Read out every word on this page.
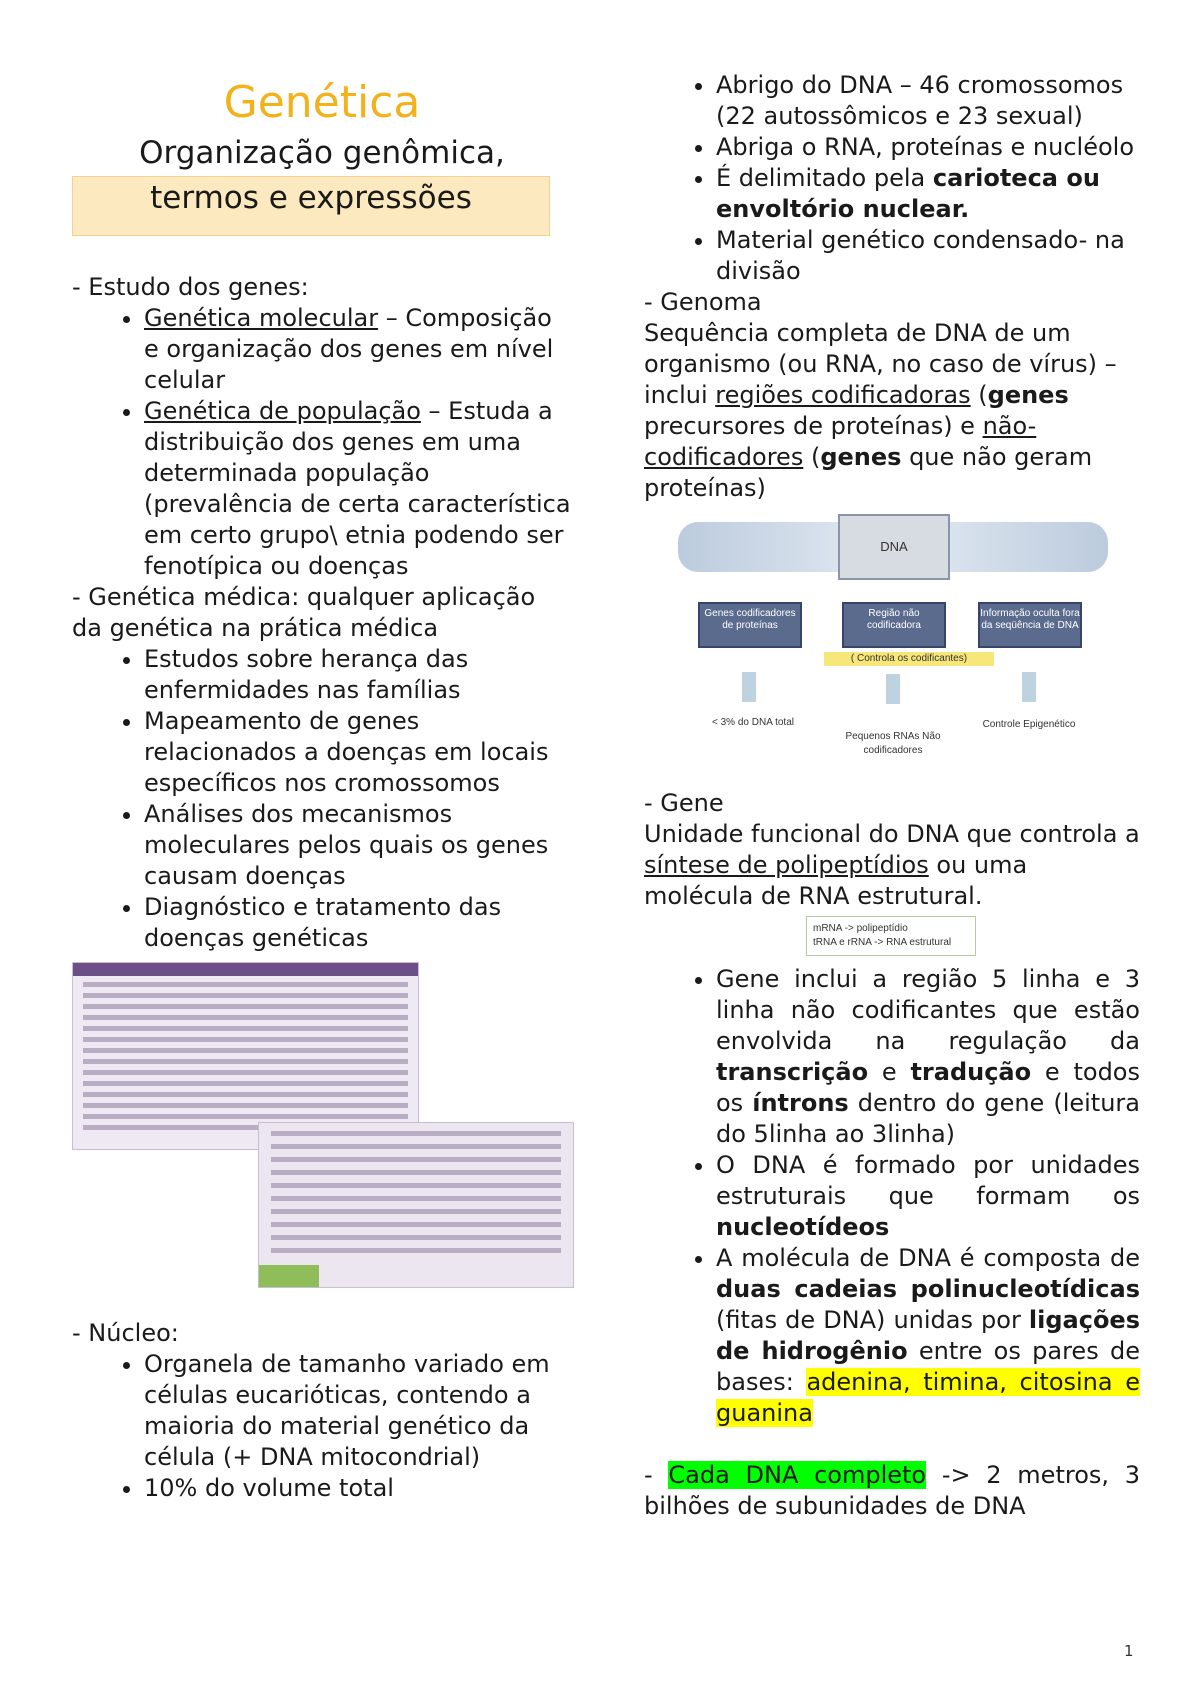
Genética
Organização genômica,
termos e expressões

- Estudo dos genes:

• Genética molecular – Composição e organização dos genes em nível celular
• Genética de população – Estuda a distribuição dos genes em uma determinada população (prevalência de certa característica em certo grupo\ etnia podendo ser fenotípica ou doenças

- Genética médica: qualquer aplicação da genética na prática médica

• Estudos sobre herança das enfermidades nas famílias
• Mapeamento de genes relacionados a doenças em locais específicos nos cromossomos
• Análises dos mecanismos moleculares pelos quais os genes causam doenças
• Diagnóstico e tratamento das doenças genéticas

- Núcleo:

• Organela de tamanho variado em células eucarióticas, contendo a maioria do material genético da célula (+ DNA mitocondrial)
• 10% do volume total
• Abrigo do DNA – 46 cromossomos (22 autossômicos e 23 sexual)
• Abriga o RNA, proteínas e nucléolo
• É delimitado pela carioteca ou envoltório nuclear.
• Material genético condensado- na divisão

- Genoma

Sequência completa de DNA de um organismo (ou RNA, no caso de vírus) – inclui regiões codificadoras (genes precursores de proteínas) e não-codificadores (genes que não geram proteínas)

DNA
Genes codificadores de proteínas
Região não codificadora
Informação oculta fora da seqüência de DNA
( Controla os codificantes)
< 3% do DNA total
Pequenos RNAs Não codificadores
Controle Epigenético

- Gene

Unidade funcional do DNA que controla a síntese de polipeptídios ou uma molécula de RNA estrutural.

mRNA -> polipeptídio
tRNA e rRNA -> RNA estrutural
• Gene inclui a região 5 linha e 3 linha não codificantes que estão envolvida na regulação da transcrição e tradução e todos os íntrons dentro do gene (leitura do 5linha ao 3linha)
• O DNA é formado por unidades estruturais que formam os nucleotídeos
• A molécula de DNA é composta de duas cadeias polinucleotídicas (fitas de DNA) unidas por ligações de hidrogênio entre os pares de bases: adenina, timina, citosina e guanina

- Cada DNA completo -> 2 metros, 3 bilhões de subunidades de DNA

1
